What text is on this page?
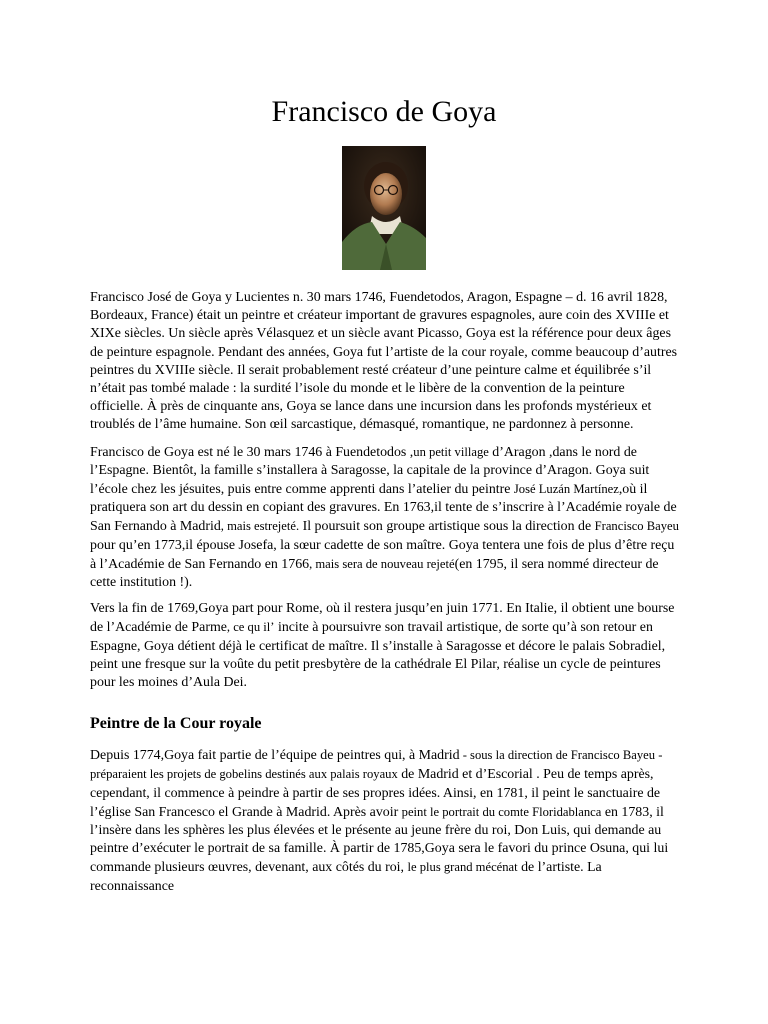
Francisco de Goya

Francisco José de Goya y Lucientes n. 30 mars 1746, Fuendetodos, Aragon, Espagne – d. 16 avril 1828, Bordeaux, France) était un peintre et créateur important de gravures espagnoles, aure coin des XVIIIe et XIXe siècles. Un siècle après Vélasquez et un siècle avant Picasso, Goya est la référence pour deux âges de peinture espagnole. Pendant des années, Goya fut l’artiste de la cour royale, comme beaucoup d’autres peintres du XVIIIe siècle. Il serait probablement resté créateur d’une peinture calme et équilibrée s’il n’était pas tombé malade : la surdité l’isole du monde et le libère de la convention de la peinture officielle. À près de cinquante ans, Goya se lance dans une incursion dans les profonds mystérieux et troublés de l’âme humaine. Son œil sarcastique, démasqué, romantique, ne pardonnez à personne.

Francisco de Goya est né le 30 mars 1746 à Fuendetodos ,un petit village d’Aragon ,dans le nord de l’Espagne. Bientôt, la famille s’installera à Saragosse, la capitale de la province d’Aragon. Goya suit l’école chez les jésuites, puis entre comme apprenti dans l’atelier du peintre José Luzán Martínez,où il pratiquera son art du dessin en copiant des gravures. En 1763,il tente de s’inscrire à l’Académie royale de San Fernando à Madrid, mais estrejeté. Il poursuit son groupe artistique sous la direction de Francisco Bayeu pour qu’en 1773,il épouse Josefa, la sœur cadette de son maître. Goya tentera une fois de plus d’être reçu à l’Académie de San Fernando en 1766, mais sera de nouveau rejeté(en 1795, il sera nommé directeur de cette institution !).

Vers la fin de 1769,Goya part pour Rome, où il restera jusqu’en juin 1771. En Italie, il obtient une bourse de l’Académie de Parme, ce qu il’ incite à poursuivre son travail artistique, de sorte qu’à son retour en Espagne, Goya détient déjà le certificat de maître. Il s’installe à Saragosse et décore le palais Sobradiel, peint une fresque sur la voûte du petit presbytère de la cathédrale El Pilar, réalise un cycle de peintures pour les moines d’Aula Dei.

Peintre de la Cour royale

Depuis 1774,Goya fait partie de l’équipe de peintres qui, à Madrid - sous la direction de Francisco Bayeu - préparaient les projets de gobelins destinés aux palais royaux de Madrid et d’Escorial . Peu de temps après, cependant, il commence à peindre à partir de ses propres idées. Ainsi, en 1781, il peint le sanctuaire de l’église San Francesco el Grande à Madrid. Après avoir peint le portrait du comte Floridablanca en 1783, il l’insère dans les sphères les plus élevées et le présente au jeune frère du roi, Don Luis, qui demande au peintre d’exécuter le portrait de sa famille. À partir de 1785,Goya sera le favori du prince Osuna, qui lui commande plusieurs œuvres, devenant, aux côtés du roi, le plus grand mécénat de l’artiste. La reconnaissance
